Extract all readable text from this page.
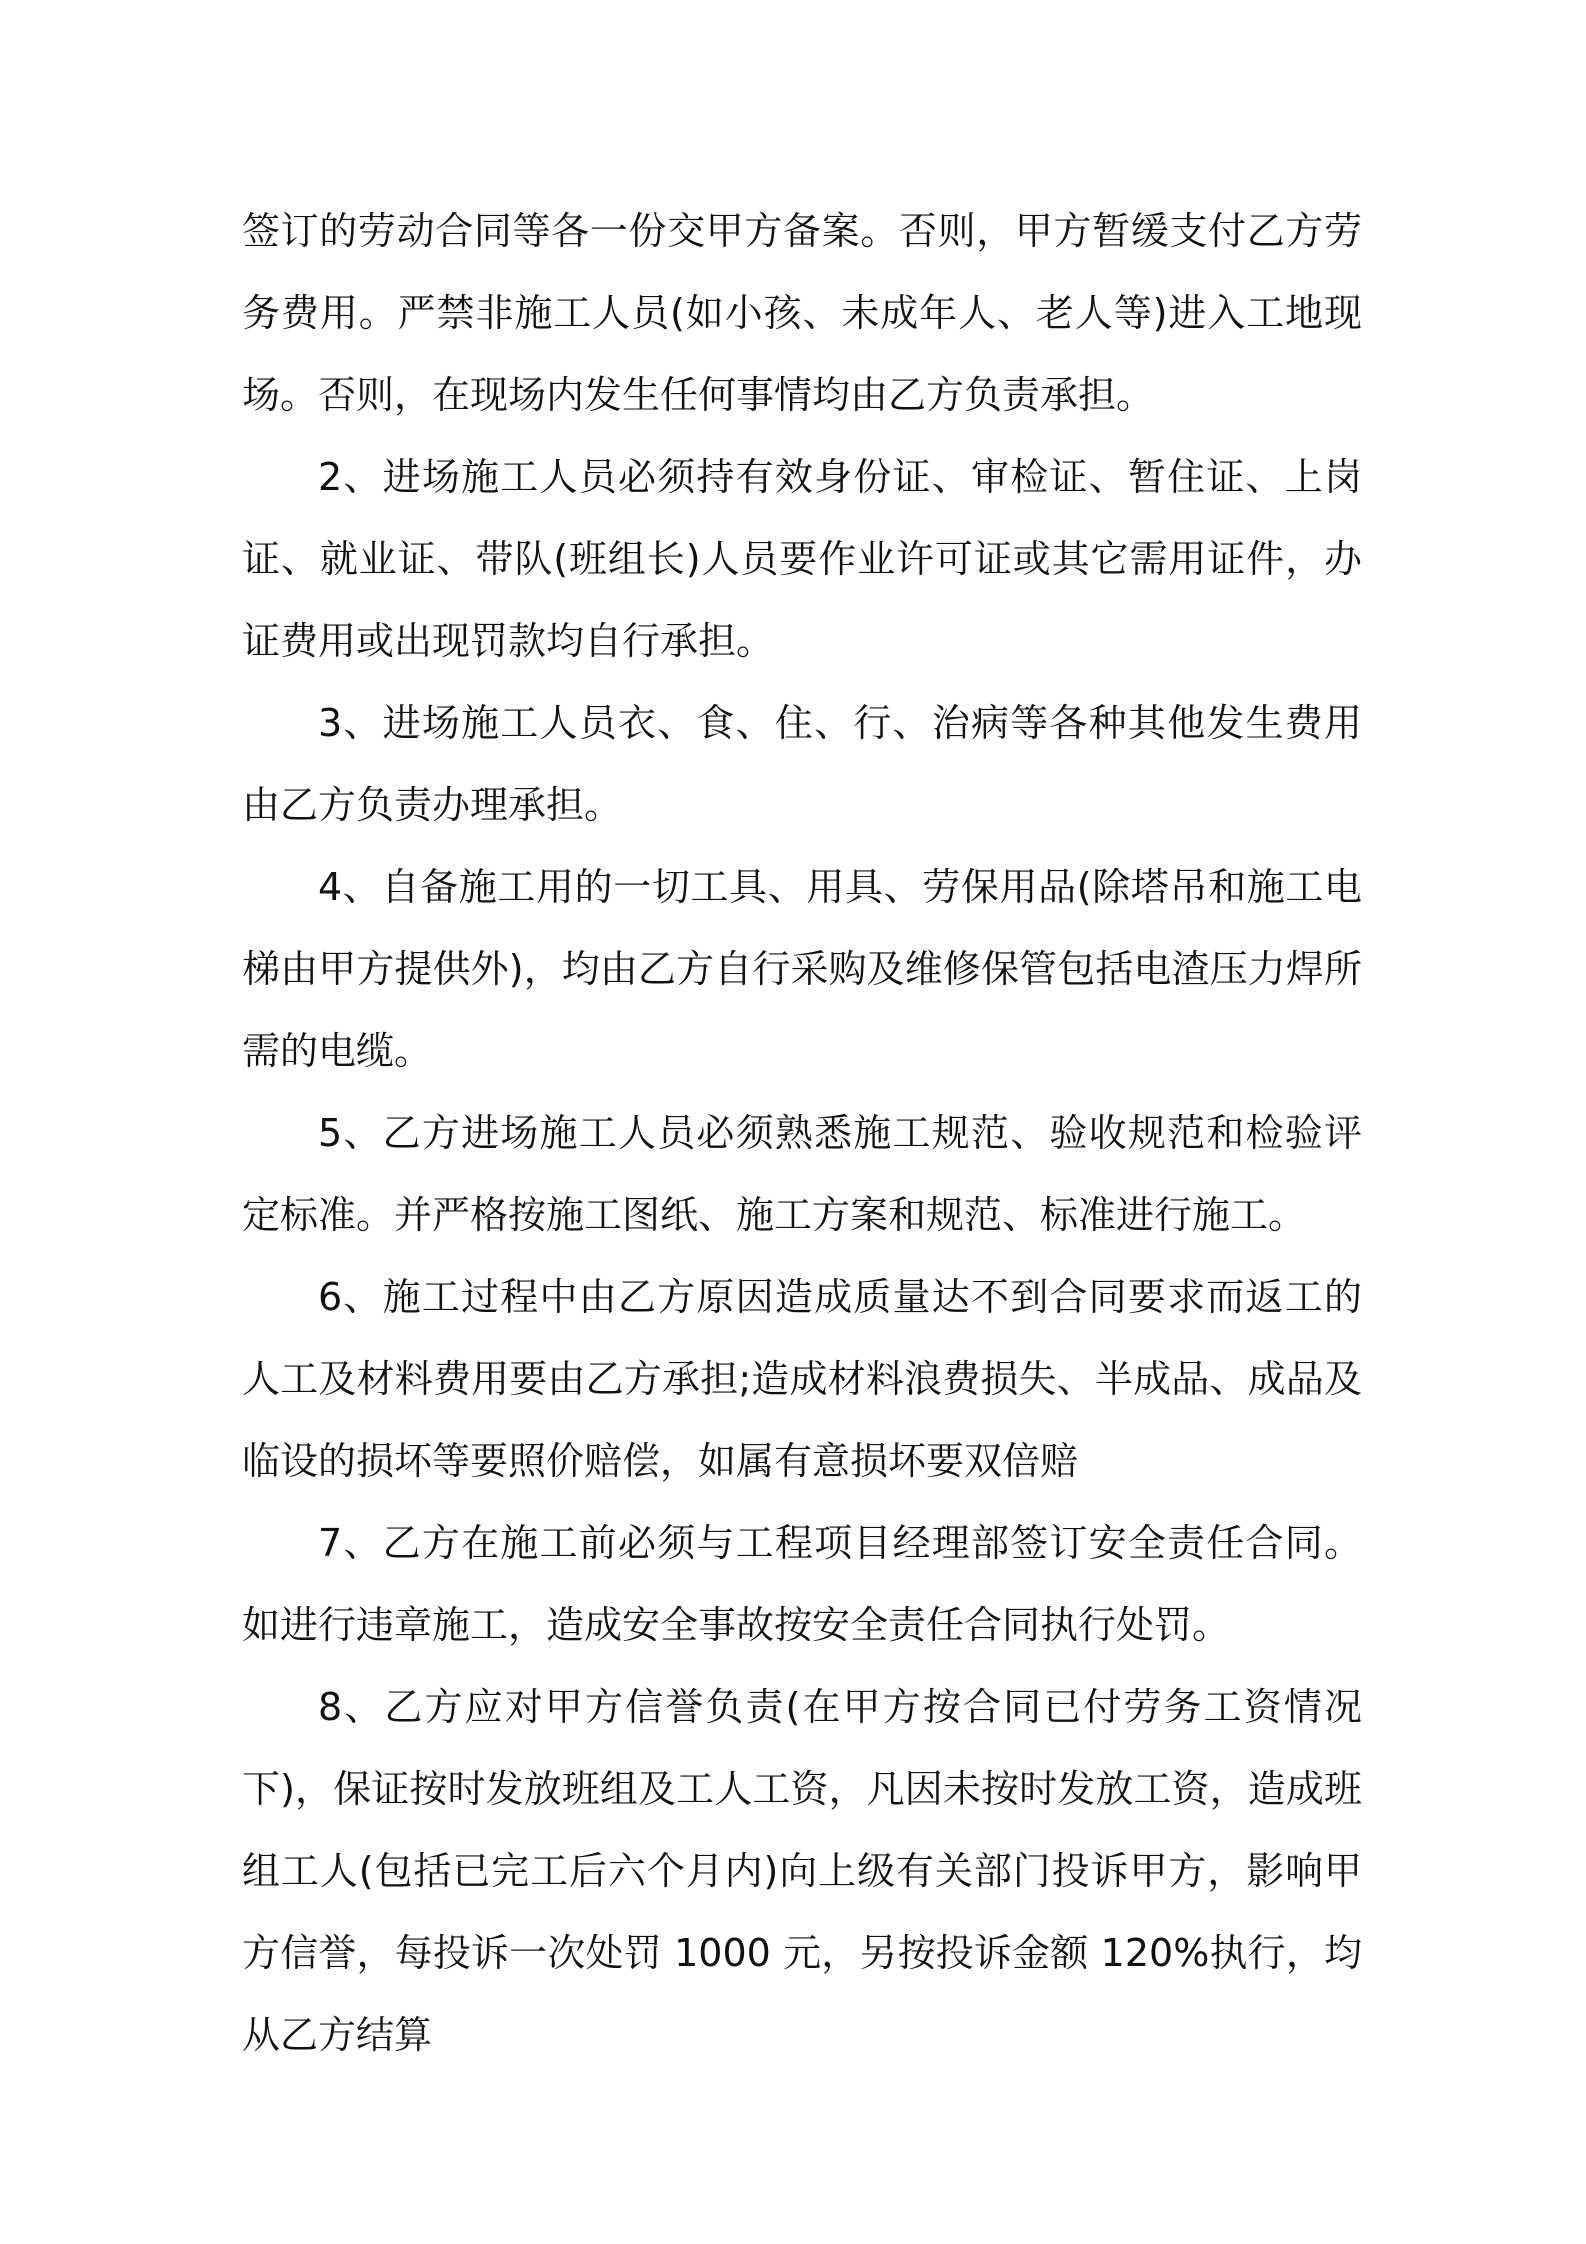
签订的劳动合同等各一份交甲方备案。否则，甲方暂缓支付乙方劳务费用。严禁非施工人员(如小孩、未成年人、老人等)进入工地现场。否则，在现场内发生任何事情均由乙方负责承担。

2、进场施工人员必须持有效身份证、审检证、暂住证、上岗证、就业证、带队(班组长)人员要作业许可证或其它需用证件，办证费用或出现罚款均自行承担。

3、进场施工人员衣、食、住、行、治病等各种其他发生费用由乙方负责办理承担。

4、自备施工用的一切工具、用具、劳保用品(除塔吊和施工电梯由甲方提供外)，均由乙方自行采购及维修保管包括电渣压力焊所需的电缆。

5、乙方进场施工人员必须熟悉施工规范、验收规范和检验评定标准。并严格按施工图纸、施工方案和规范、标准进行施工。

6、施工过程中由乙方原因造成质量达不到合同要求而返工的人工及材料费用要由乙方承担;造成材料浪费损失、半成品、成品及临设的损坏等要照价赔偿，如属有意损坏要双倍赔

7、乙方在施工前必须与工程项目经理部签订安全责任合同。如进行违章施工，造成安全事故按安全责任合同执行处罚。

8、乙方应对甲方信誉负责(在甲方按合同已付劳务工资情况下)，保证按时发放班组及工人工资，凡因未按时发放工资，造成班组工人(包括已完工后六个月内)向上级有关部门投诉甲方，影响甲方信誉，每投诉一次处罚 1000 元，另按投诉金额 120%执行，均从乙方结算
